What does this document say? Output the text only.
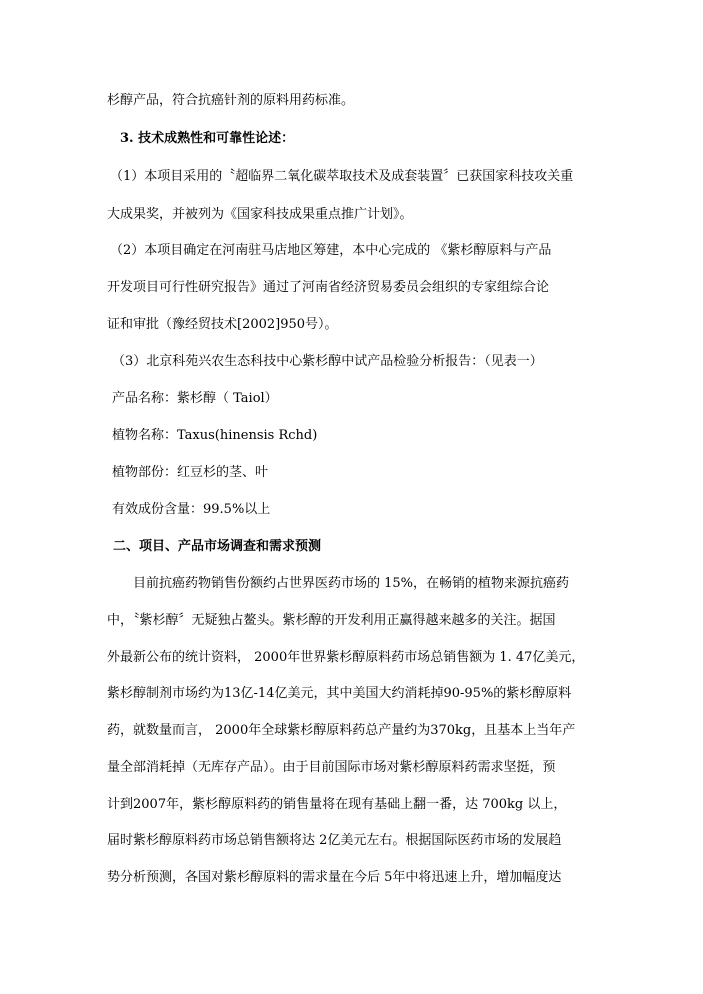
杉醇产品，符合抗癌针剂的原料用药标准。
3. 技术成熟性和可靠性论述：
（1）本项目采用的〝超临界二氧化碳萃取技术及成套装置〞已获国家科技攻关重
大成果奖，并被列为《国家科技成果重点推广计划》。
（2）本项目确定在河南驻马店地区筹建，本中心完成的 《紫杉醇原料与产品
开发项目可行性研究报告》通过了河南省经济贸易委员会组织的专家组综合论
证和审批（豫经贸技术[2002]950号）。
（3）北京科苑兴农生态科技中心紫杉醇中试产品检验分析报告：（见表一）
产品名称：紫杉醇（ Taiol）
植物名称：Taxus(hinensis Rchd)
植物部份：红豆杉的茎、叶
有效成份含量：99.5%以上
二、项目、产品市场调查和需求预测
目前抗癌药物销售份额约占世界医药市场的 15%，在畅销的植物来源抗癌药
中，〝紫杉醇〞无疑独占鳌头。紫杉醇的开发利用正赢得越来越多的关注。据国
外最新公布的统计资料， 2000年世界紫杉醇原料药市场总销售额为 1. 47亿美元，
紫杉醇制剂市场约为13亿-14亿美元，其中美国大约消耗掉90-95%的紫杉醇原料
药，就数量而言， 2000年全球紫杉醇原料药总产量约为370kg，且基本上当年产
量全部消耗掉（无库存产品）。由于目前国际市场对紫杉醇原料药需求坚挺，预
计到2007年，紫杉醇原料药的销售量将在现有基础上翻一番，达 700kg 以上，
届时紫杉醇原料药市场总销售额将达 2亿美元左右。根据国际医药市场的发展趋
势分析预测，各国对紫杉醇原料的需求量在今后 5年中将迅速上升，增加幅度达
